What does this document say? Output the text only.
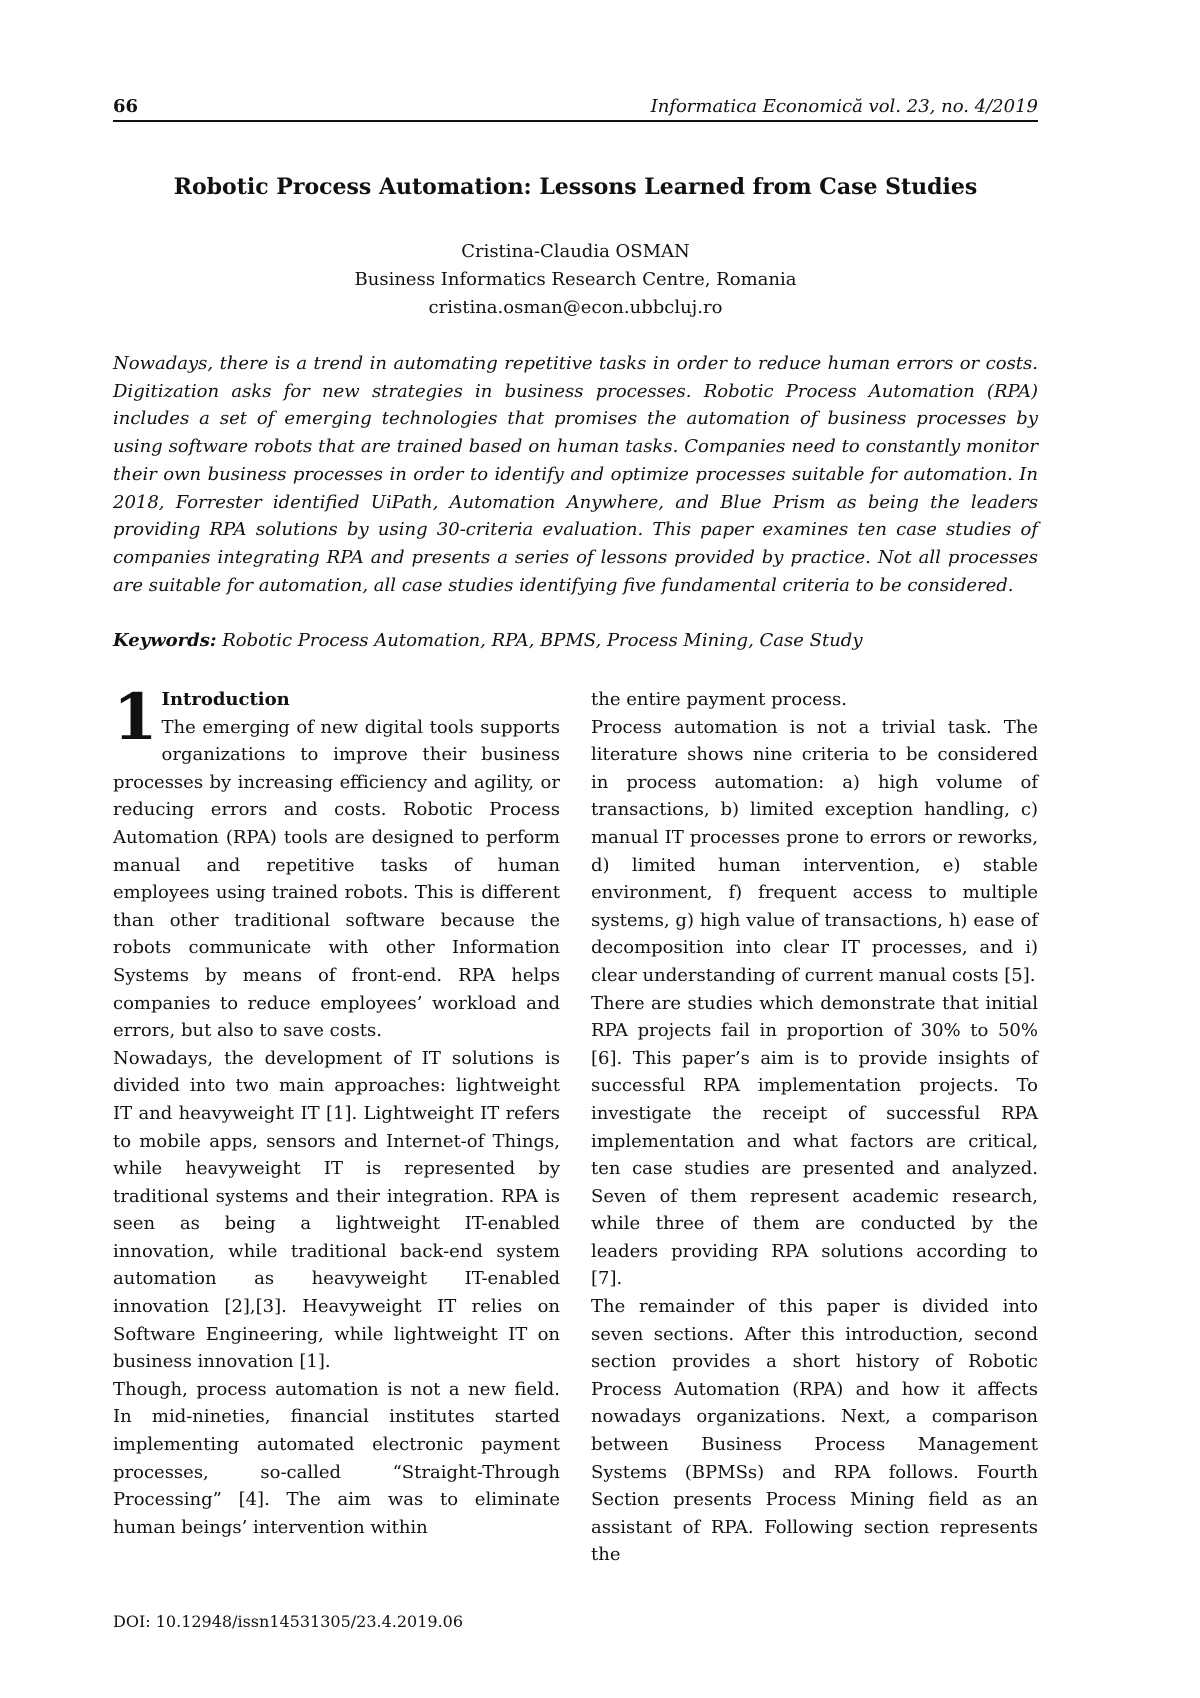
66	Informatica Economică vol. 23, no. 4/2019
Robotic Process Automation: Lessons Learned from Case Studies
Cristina-Claudia OSMAN
Business Informatics Research Centre, Romania
cristina.osman@econ.ubbcluj.ro

Nowadays, there is a trend in automating repetitive tasks in order to reduce human errors or costs. Digitization asks for new strategies in business processes. Robotic Process Automation (RPA) includes a set of emerging technologies that promises the automation of business processes by using software robots that are trained based on human tasks. Companies need to constantly monitor their own business processes in order to identify and optimize processes suitable for automation. In 2018, Forrester identified UiPath, Automation Anywhere, and Blue Prism as being the leaders providing RPA solutions by using 30-criteria evaluation. This paper examines ten case studies of companies integrating RPA and presents a series of lessons provided by practice. Not all processes are suitable for automation, all case studies identifying five fundamental criteria to be considered.

Keywords: Robotic Process Automation, RPA, BPMS, Process Mining, Case Study

1 Introduction
The emerging of new digital tools supports organizations to improve their business processes by increasing efficiency and agility, or reducing errors and costs. Robotic Process Automation (RPA) tools are designed to perform manual and repetitive tasks of human employees using trained robots. This is different than other traditional software because the robots communicate with other Information Systems by means of front-end. RPA helps companies to reduce employees’ workload and errors, but also to save costs.

Nowadays, the development of IT solutions is divided into two main approaches: lightweight IT and heavyweight IT [1]. Lightweight IT refers to mobile apps, sensors and Internet-of Things, while heavyweight IT is represented by traditional systems and their integration. RPA is seen as being a lightweight IT-enabled innovation, while traditional back-end system automation as heavyweight IT-enabled innovation [2],[3]. Heavyweight IT relies on Software Engineering, while lightweight IT on business innovation [1].

Though, process automation is not a new field. In mid-nineties, financial institutes started implementing automated electronic payment processes, so-called “Straight-Through Processing” [4]. The aim was to eliminate human beings’ intervention within

the entire payment process.

Process automation is not a trivial task. The literature shows nine criteria to be considered in process automation: a) high volume of transactions, b) limited exception handling, c) manual IT processes prone to errors or reworks, d) limited human intervention, e) stable environment, f) frequent access to multiple systems, g) high value of transactions, h) ease of decomposition into clear IT processes, and i) clear understanding of current manual costs [5].

There are studies which demonstrate that initial RPA projects fail in proportion of 30% to 50% [6]. This paper’s aim is to provide insights of successful RPA implementation projects. To investigate the receipt of successful RPA implementation and what factors are critical, ten case studies are presented and analyzed. Seven of them represent academic research, while three of them are conducted by the leaders providing RPA solutions according to [7].

The remainder of this paper is divided into seven sections. After this introduction, second section provides a short history of Robotic Process Automation (RPA) and how it affects nowadays organizations. Next, a comparison between Business Process Management Systems (BPMSs) and RPA follows. Fourth Section presents Process Mining field as an assistant of RPA. Following section represents the

DOI: 10.12948/issn14531305/23.4.2019.06
